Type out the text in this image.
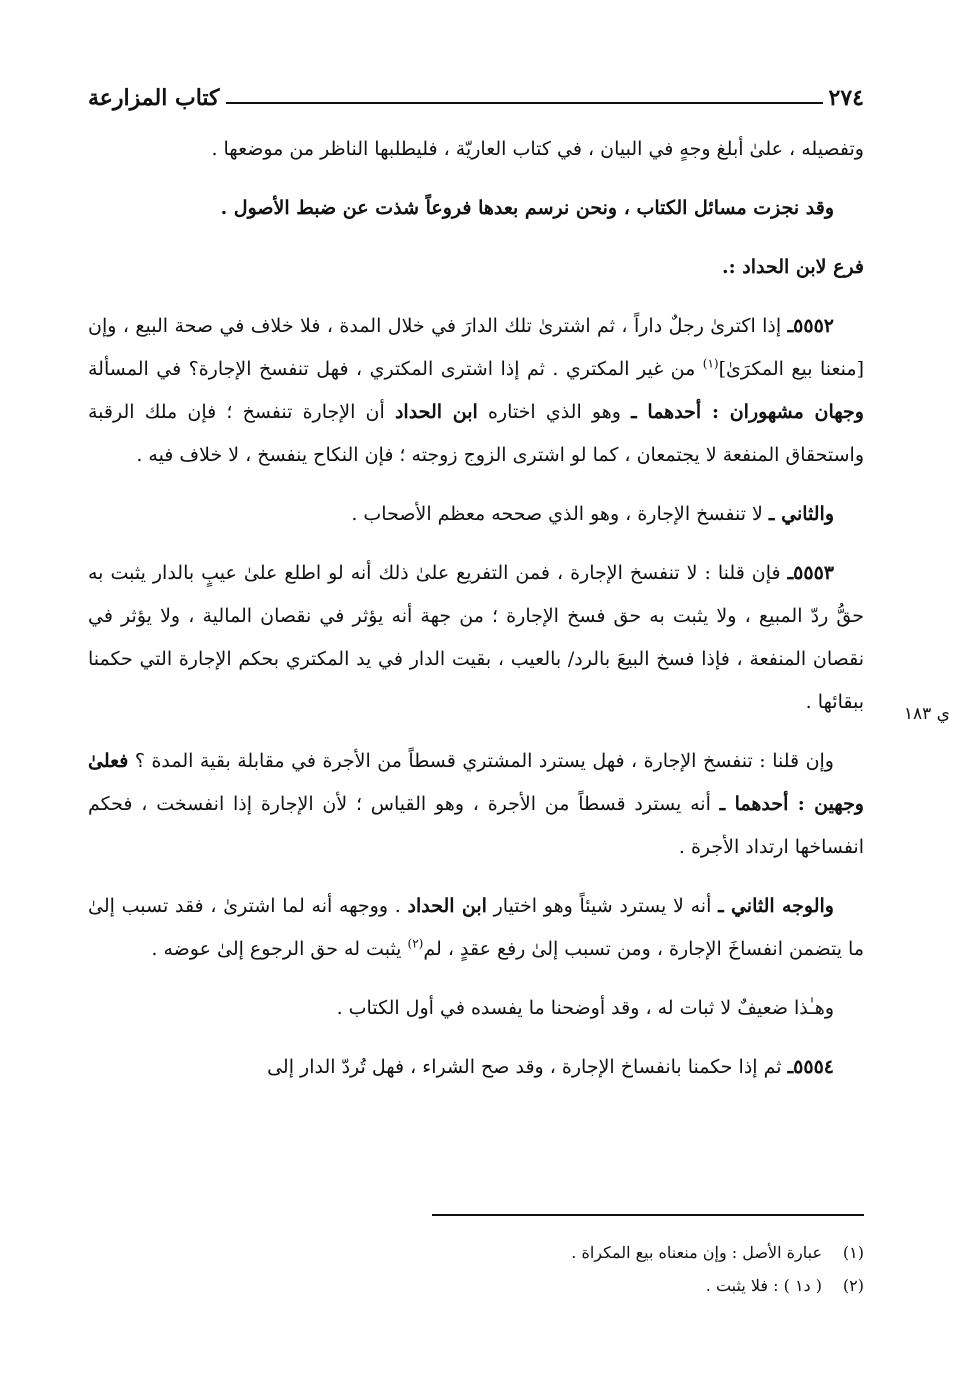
٢٧٤
كتاب المزارعة

وتفصيله ، علىٰ أبلغ وجهٍ في البيان ، في كتاب العاريّة ، فليطلبها الناظر من موضعها .

وقد نجزت مسائل الكتاب ، ونحن نرسم بعدها فروعاً شذت عن ضبط الأصول .

فرع لابن الحداد :.

٥٥٥٢ـ إذا اكترىٰ رجلٌ داراً ، ثم اشترىٰ تلك الدارَ في خلال المدة ، فلا خلاف في صحة البيع ، وإن [منعنا بيع المكرَىٰ]$^{(١)}$ من غير المكتري . ثم إذا اشترى المكتري ، فهل تنفسخ الإجارة؟ في المسألة وجهان مشهوران : أحدهما ـ وهو الذي اختاره ابن الحداد أن الإجارة تنفسخ ؛ فإن ملك الرقبة واستحقاق المنفعة لا يجتمعان ، كما لو اشترى الزوج زوجته ؛ فإن النكاح ينفسخ ، لا خلاف فيه .

والثاني ـ لا تنفسخ الإجارة ، وهو الذي صححه معظم الأصحاب .

٥٥٥٣ـ فإن قلنا : لا تنفسخ الإجارة ، فمن التفريع علىٰ ذلك أنه لو اطلع علىٰ عيبٍ بالدار يثبت به حقُّ ردّ المبيع ، ولا يثبت به حق فسخ الإجارة ؛ من جهة أنه يؤثر في نقصان المالية ، ولا يؤثر في نقصان المنفعة ، فإذا فسخ البيعَ بالرد/ بالعيب ، بقيت الدار في يد المكتري بحكم الإجارة التي حكمنا ببقائها .

وإن قلنا : تنفسخ الإجارة ، فهل يسترد المشتري قسطاً من الأجرة في مقابلة بقية المدة ؟ فعلىٰ وجهين : أحدهما ـ أنه يسترد قسطاً من الأجرة ، وهو القياس ؛ لأن الإجارة إذا انفسخت ، فحكم انفساخها ارتداد الأجرة .

والوجه الثاني ـ أنه لا يسترد شيئاً وهو اختيار ابن الحداد . ووجهه أنه لما اشترىٰ ، فقد تسبب إلىٰ ما يتضمن انفساخَ الإجارة ، ومن تسبب إلىٰ رفع عقدٍ ، لم$^{(٢)}$ يثبت له حق الرجوع إلىٰ عوضه .

وهـٰذا ضعيفٌ لا ثبات له ، وقد أوضحنا ما يفسده في أول الكتاب .

٥٥٥٤ـ ثم إذا حكمنا بانفساخ الإجارة ، وقد صح الشراء ، فهل تُردّ الدار إلى

ي ١٨٣
(١)عبارة الأصل : وإن منعناه بيع المكراة .
(٢)( د١ ) : فلا يثبت .
